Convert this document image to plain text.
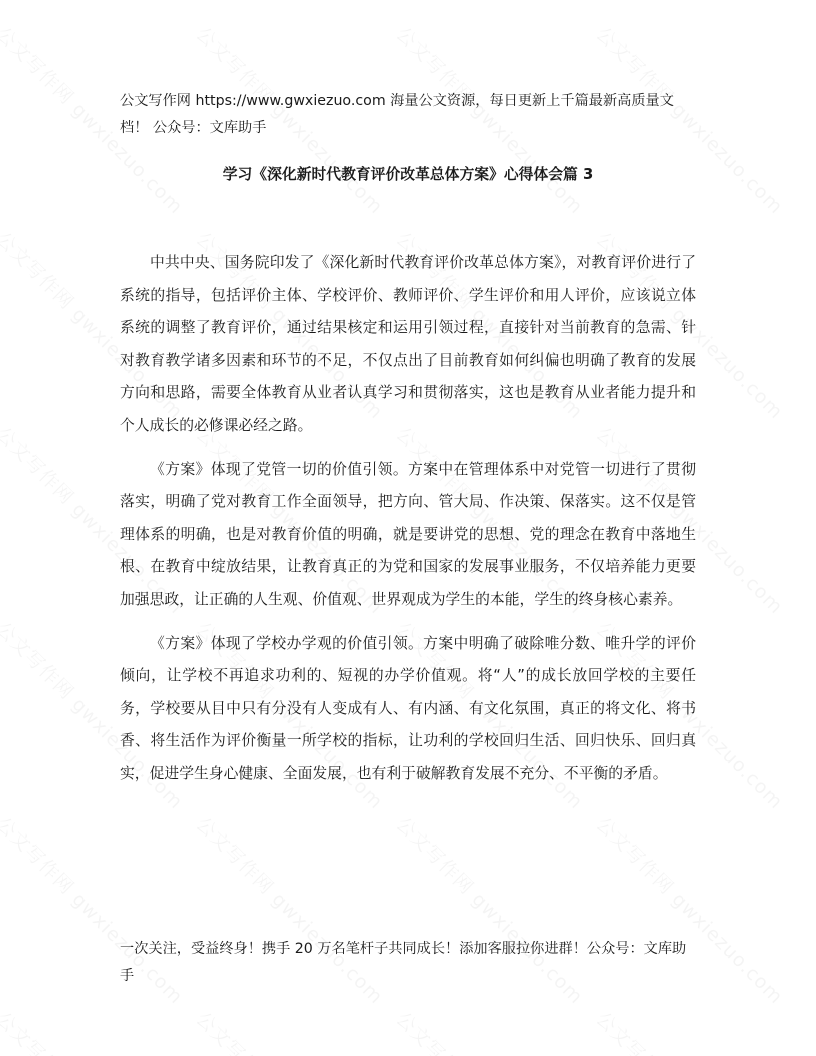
公文写作网 https://www.gwxiezuo.com 海量公文资源，每日更新上千篇最新高质量文档！ 公众号：文库助手

学习《深化新时代教育评价改革总体方案》心得体会篇 3

中共中央、国务院印发了《深化新时代教育评价改革总体方案》，对教育评价进行了系统的指导，包括评价主体、学校评价、教师评价、学生评价和用人评价，应该说立体系统的调整了教育评价，通过结果核定和运用引领过程，直接针对当前教育的急需、针对教育教学诸多因素和环节的不足，不仅点出了目前教育如何纠偏也明确了教育的发展方向和思路，需要全体教育从业者认真学习和贯彻落实，这也是教育从业者能力提升和个人成长的必修课必经之路。

《方案》体现了党管一切的价值引领。方案中在管理体系中对党管一切进行了贯彻落实，明确了党对教育工作全面领导，把方向、管大局、作决策、保落实。这不仅是管理体系的明确，也是对教育价值的明确，就是要讲党的思想、党的理念在教育中落地生根、在教育中绽放结果，让教育真正的为党和国家的发展事业服务，不仅培养能力更要加强思政，让正确的人生观、价值观、世界观成为学生的本能，学生的终身核心素养。

《方案》体现了学校办学观的价值引领。方案中明确了破除唯分数、唯升学的评价倾向，让学校不再追求功利的、短视的办学价值观。将“人”的成长放回学校的主要任务，学校要从目中只有分没有人变成有人、有内涵、有文化氛围，真正的将文化、将书香、将生活作为评价衡量一所学校的指标，让功利的学校回归生活、回归快乐、回归真实，促进学生身心健康、全面发展，也有利于破解教育发展不充分、不平衡的矛盾。

一次关注，受益终身！携手 20 万名笔杆子共同成长！添加客服拉你进群！公众号：文库助手
